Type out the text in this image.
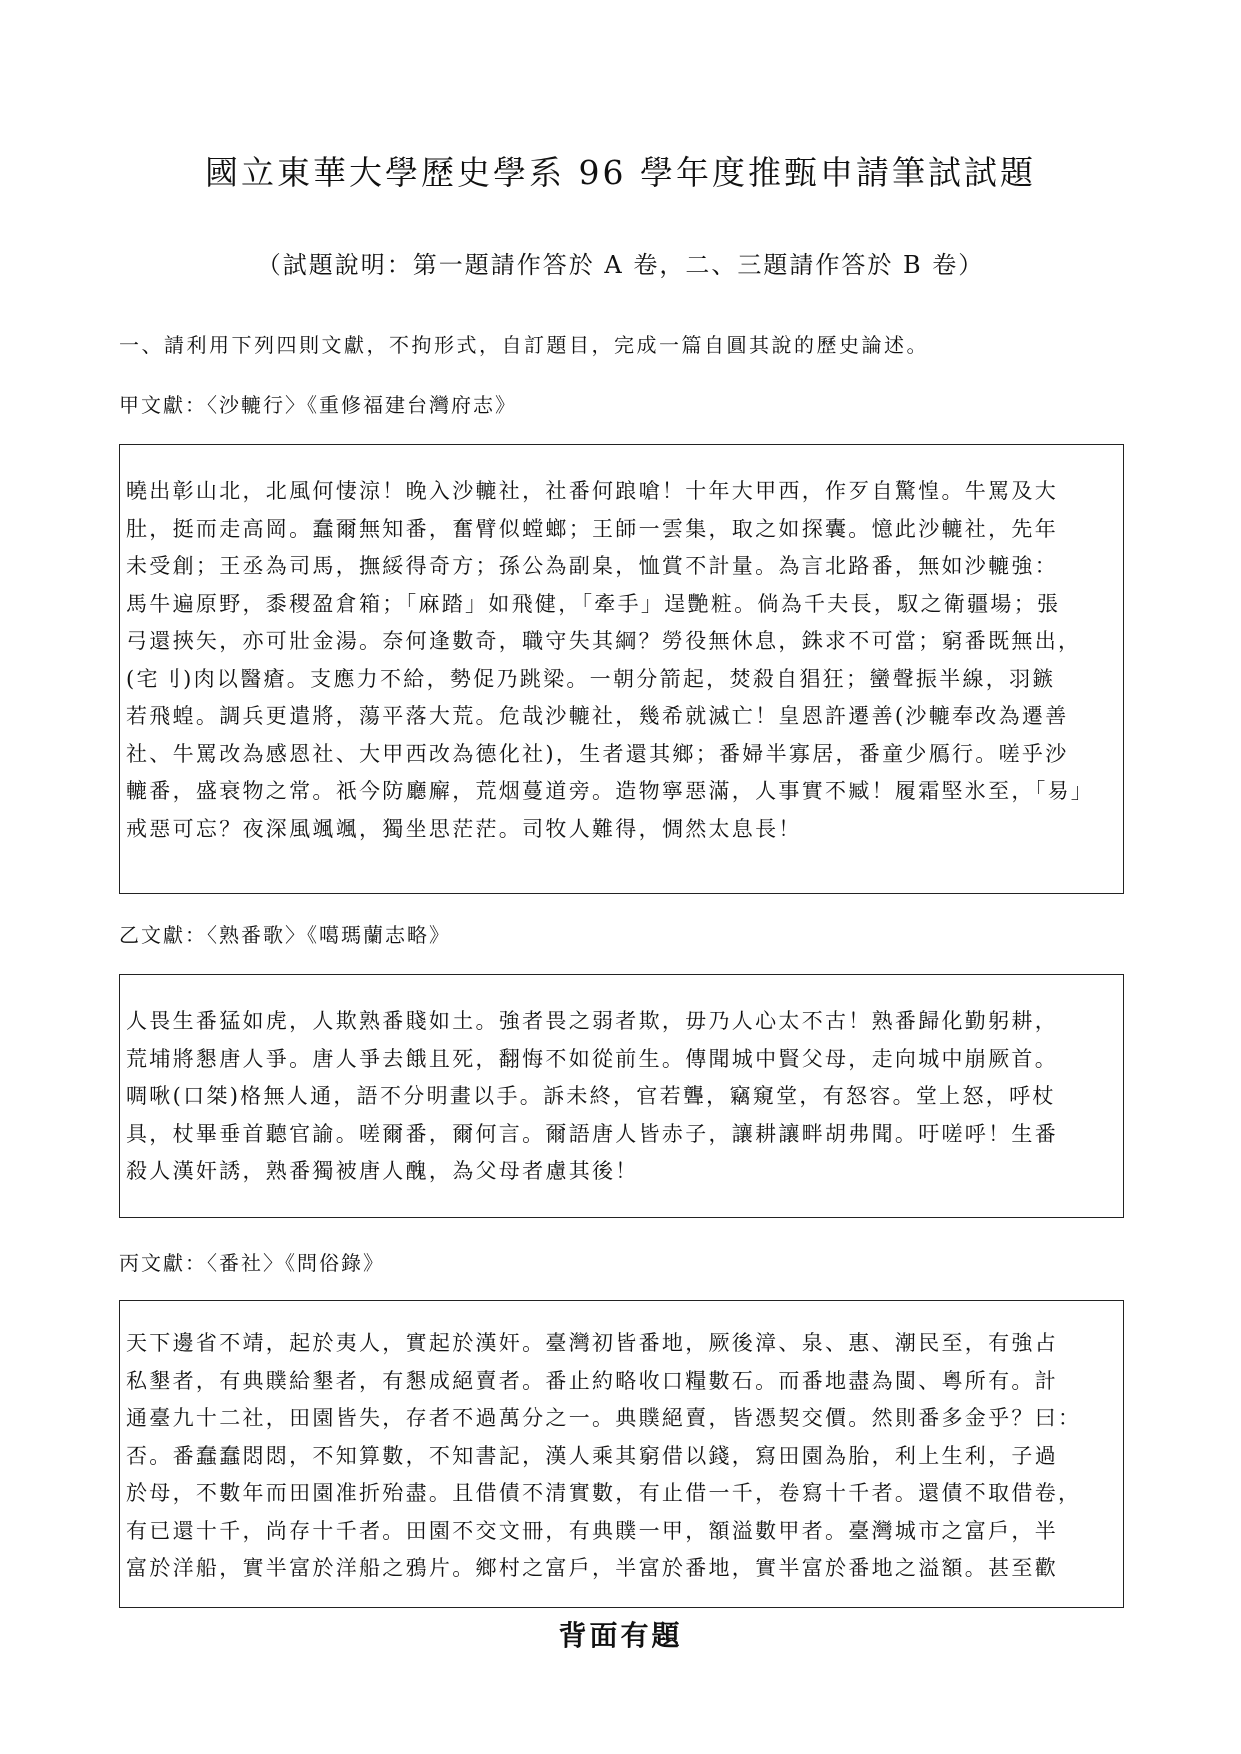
國立東華大學歷史學系 96 學年度推甄申請筆試試題
（試題說明：第一題請作答於 A 卷，二、三題請作答於 B 卷）
一、請利用下列四則文獻，不拘形式，自訂題目，完成一篇自圓其說的歷史論述。
甲文獻：〈沙轆行〉《重修福建台灣府志》
曉出彰山北，北風何悽涼！晚入沙轆社，社番何踉嗆！十年大甲西，作歹自驚惶。牛罵及大
肚，挺而走高岡。蠢爾無知番，奮臂似螳螂；王師一雲集，取之如探囊。憶此沙轆社，先年
未受創；王丞為司馬，撫綏得奇方；孫公為副臬，恤賞不計量。為言北路番，無如沙轆強：
馬牛遍原野，黍稷盈倉箱；「麻踏」如飛健，「牽手」逞艷粧。倘為千夫長，馭之衛疆場；張
弓還挾矢，亦可壯金湯。奈何逢數奇，職守失其綱？勞役無休息，銖求不可當；窮番既無出，
(宅刂)肉以醫瘡。支應力不給，勢促乃跳梁。一朝分箭起，焚殺自猖狂；蠻聲振半線，羽鏃
若飛蝗。調兵更遣將，蕩平落大荒。危哉沙轆社，幾希就滅亡！皇恩許遷善(沙轆奉改為遷善
社、牛罵改為感恩社、大甲西改為德化社)，生者還其鄉；番婦半寡居，番童少鴈行。嗟乎沙
轆番，盛衰物之常。祇今防廳廨，荒烟蔓道旁。造物寧惡滿，人事實不臧！履霜堅氷至，「易」
戒惡可忘？夜深風颯颯，獨坐思茫茫。司牧人難得，惆然太息長！
乙文獻：〈熟番歌〉《噶瑪蘭志略》
人畏生番猛如虎，人欺熟番賤如土。強者畏之弱者欺，毋乃人心太不古！熟番歸化勤躬耕，
荒埔將懇唐人爭。唐人爭去餓且死，翻悔不如從前生。傳聞城中賢父母，走向城中崩厥首。
啁啾(口桀)格無人通，語不分明畫以手。訴未終，官若聾，竊窺堂，有怒容。堂上怒，呼杖
具，杖畢垂首聽官諭。嗟爾番，爾何言。爾語唐人皆赤子，讓耕讓畔胡弗聞。吁嗟呼！生番
殺人漢奸誘，熟番獨被唐人醜，為父母者慮其後！
丙文獻：〈番社〉《問俗錄》
天下邊省不靖，起於夷人，實起於漢奸。臺灣初皆番地，厥後漳、泉、惠、潮民至，有強占
私墾者，有典贌給墾者，有懇成絕賣者。番止約略收口糧數石。而番地盡為閩、粵所有。計
通臺九十二社，田園皆失，存者不過萬分之一。典贌絕賣，皆憑契交價。然則番多金乎？曰：
否。番蠢蠢悶悶，不知算數，不知書記，漢人乘其窮借以錢，寫田園為胎，利上生利，子過
於母，不數年而田園准折殆盡。且借債不清實數，有止借一千，卷寫十千者。還債不取借卷，
有已還十千，尚存十千者。田園不交文冊，有典贌一甲，額溢數甲者。臺灣城市之富戶，半
富於洋船，實半富於洋船之鴉片。鄉村之富戶，半富於番地，實半富於番地之溢額。甚至歡
背面有題
